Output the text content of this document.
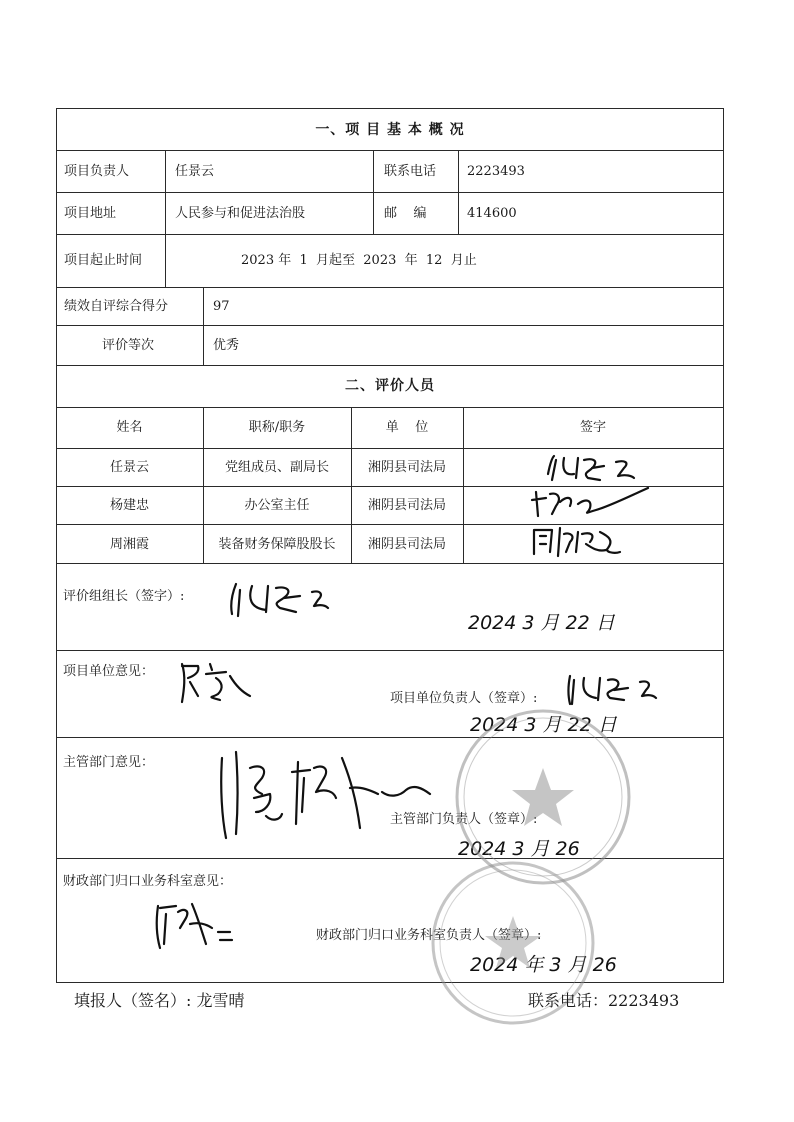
一、项 目 基 本 概 况
项目负责人	任景云	联系电话 2223493
项目地址	人民参与和促进法治股	邮    编	414600
项目起止时间	2023 年  1  月起至  2023  年  12  月止
绩效自评综合得分	97
评价等次	优秀
二、评价人员
姓名	职称/职务	单    位	签字
任景云	党组成员、副局长	湘阴县司法局
杨建忠	办公室主任	湘阴县司法局
周湘霞	装备财务保障股股长	湘阴县司法局
评价组组长（签字）:
2024 3 月 22 日
项目单位意见：
项目单位负责人（签章）:
2024 3 月 22 日
主管部门意见：
主管部门负责人（签章）:
2024 3 月 26
财政部门归口业务科室意见：
财政部门归口业务科室负责人（签章）:
2024 年 3 月 26
填报人（签名）: 龙雪晴	联系电话：2223493
